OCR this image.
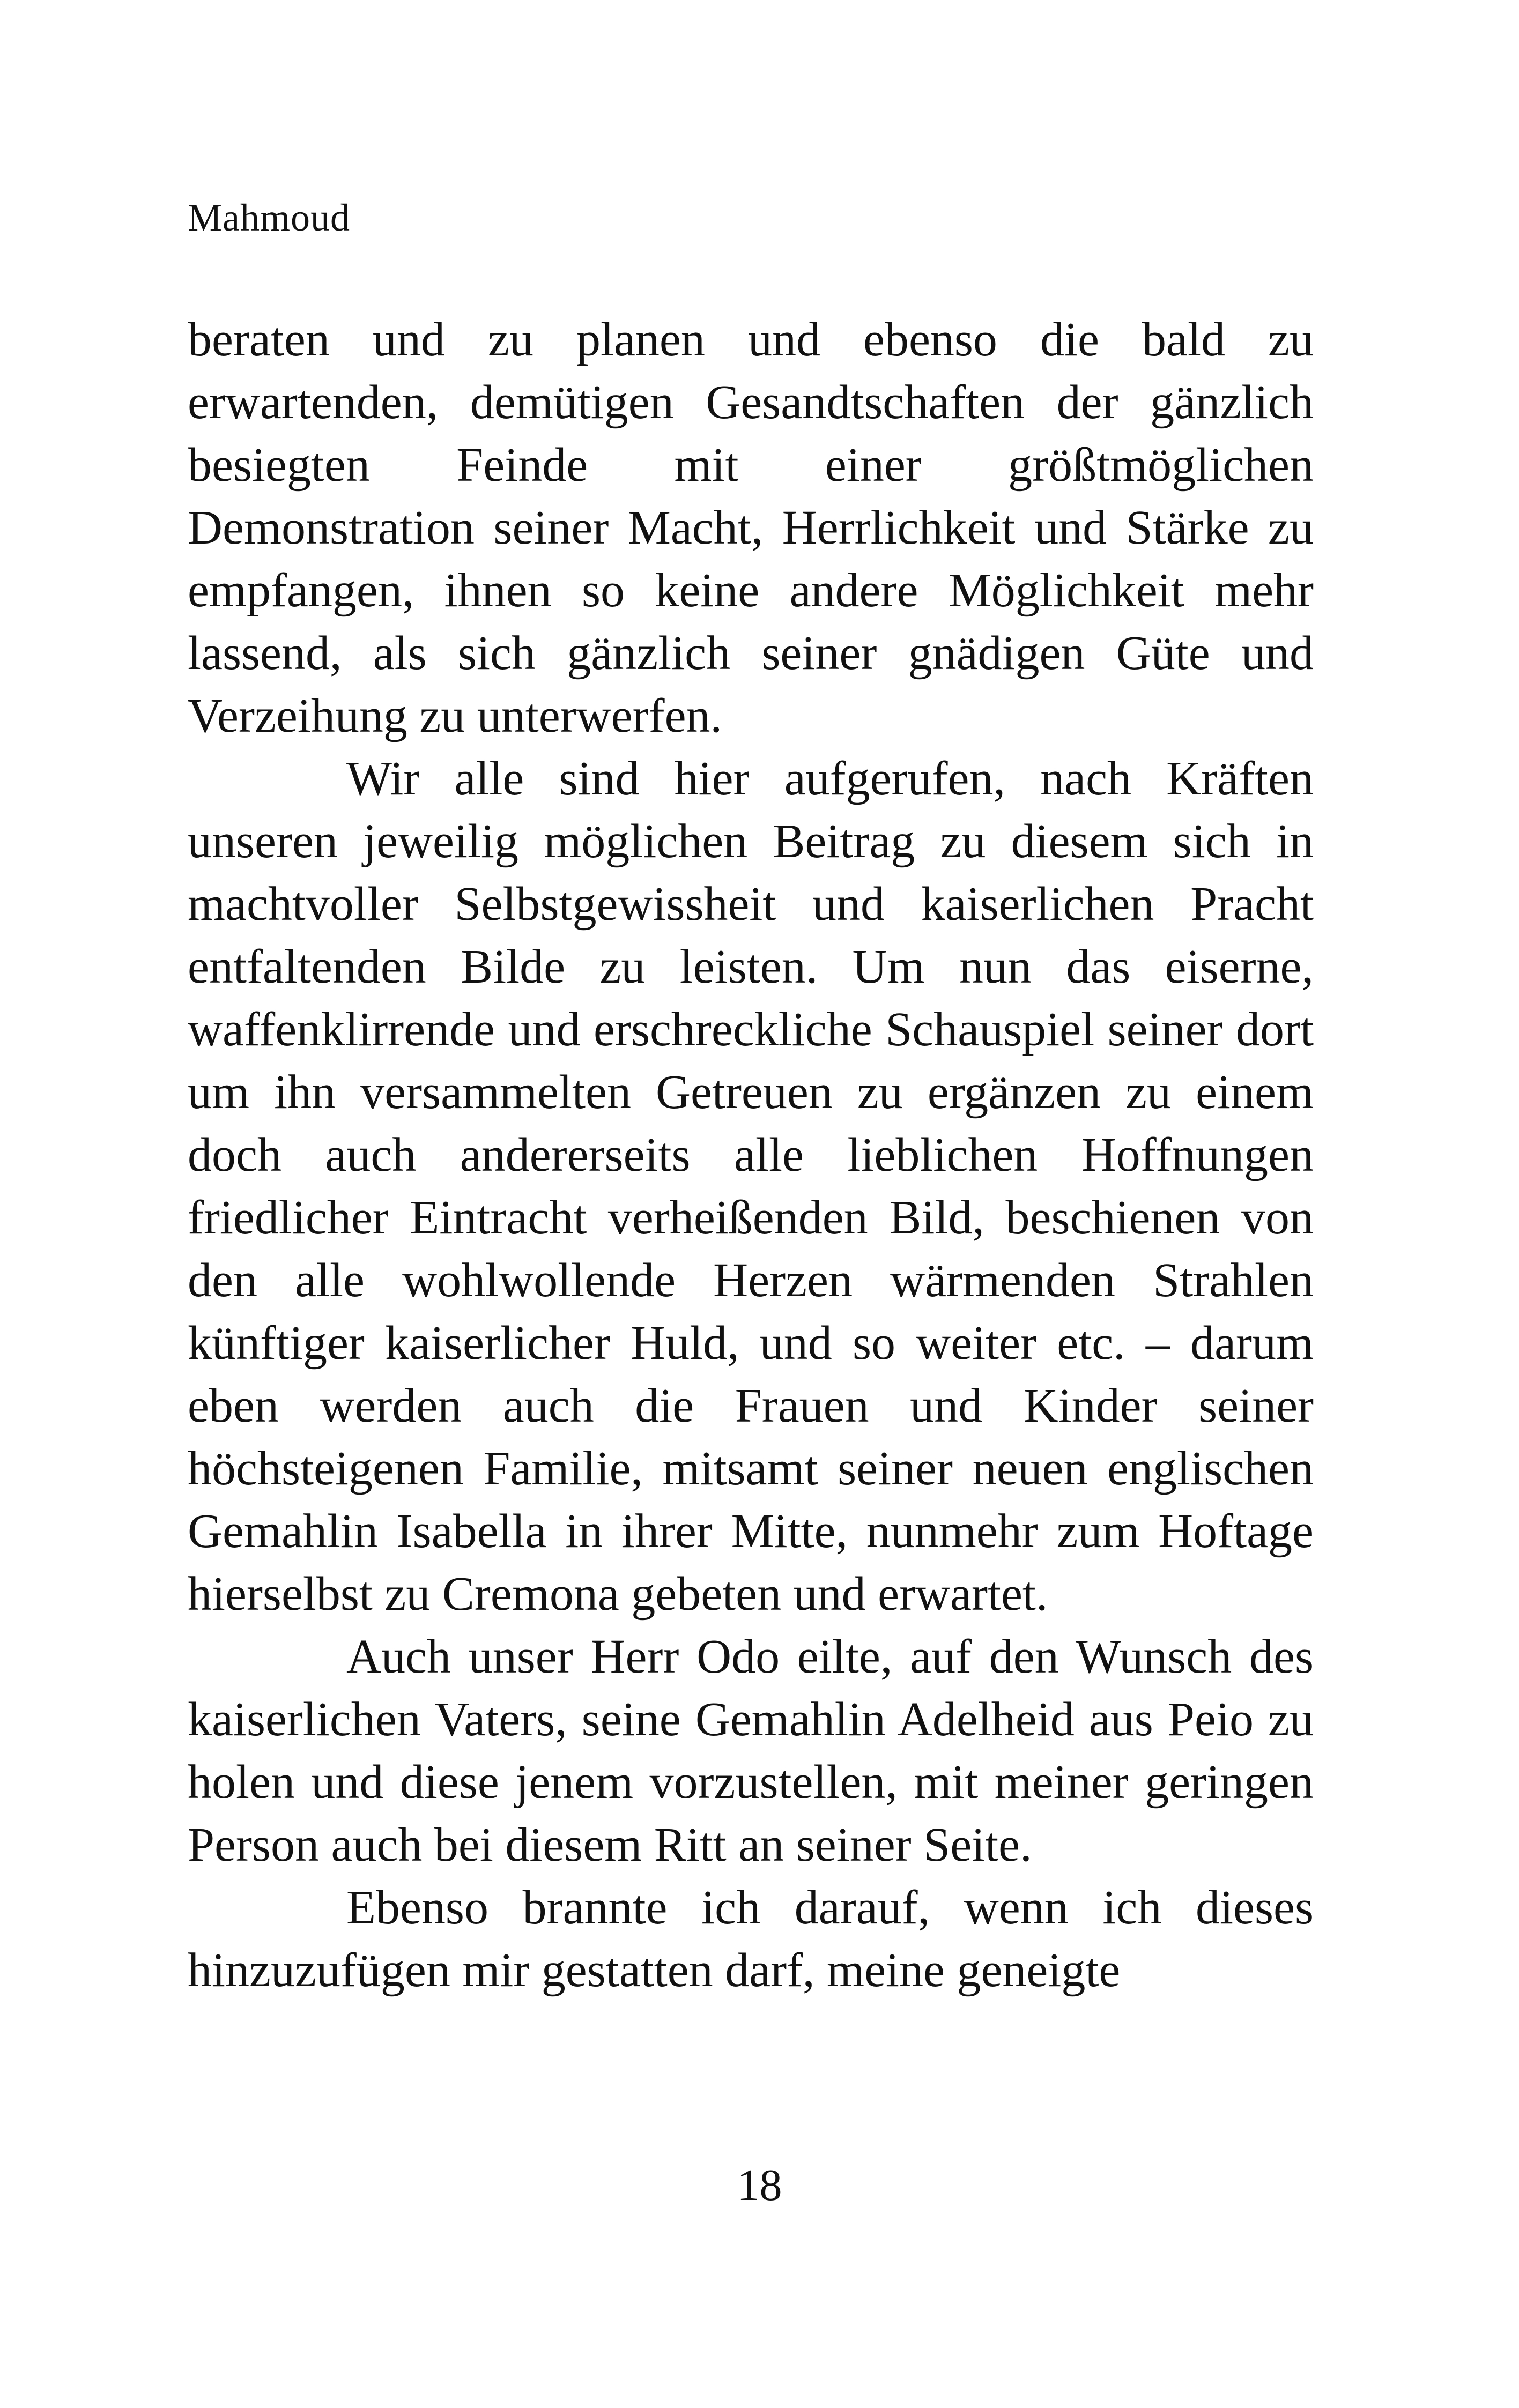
Mahmoud

beraten und zu planen und ebenso die bald zu erwartenden, demütigen Gesandtschaften der gänzlich besiegten Feinde mit einer größtmöglichen Demonstration seiner Macht, Herrlichkeit und Stärke zu empfangen, ihnen so keine andere Möglichkeit mehr lassend, als sich gänzlich seiner gnädigen Güte und Verzeihung zu unterwerfen.

Wir alle sind hier aufgerufen, nach Kräften unseren jeweilig möglichen Beitrag zu diesem sich in machtvoller Selbstgewissheit und kaiserlichen Pracht entfaltenden Bilde zu leisten. Um nun das eiserne, waffenklirrende und erschreckliche Schauspiel seiner dort um ihn versammelten Getreuen zu ergänzen zu einem doch auch andererseits alle lieblichen Hoffnungen friedlicher Eintracht verheißenden Bild, beschienen von den alle wohlwollende Herzen wärmenden Strahlen künftiger kaiserlicher Huld, und so weiter etc. – darum eben werden auch die Frauen und Kinder seiner höchsteigenen Familie, mitsamt seiner neuen englischen Gemahlin Isabella in ihrer Mitte, nunmehr zum Hoftage hierselbst zu Cremona gebeten und erwartet.

Auch unser Herr Odo eilte, auf den Wunsch des kaiserlichen Vaters, seine Gemahlin Adelheid aus Peio zu holen und diese jenem vorzustellen, mit meiner geringen Person auch bei diesem Ritt an seiner Seite.

Ebenso brannte ich darauf, wenn ich dieses hinzuzufügen mir gestatten darf, meine geneigte

18
